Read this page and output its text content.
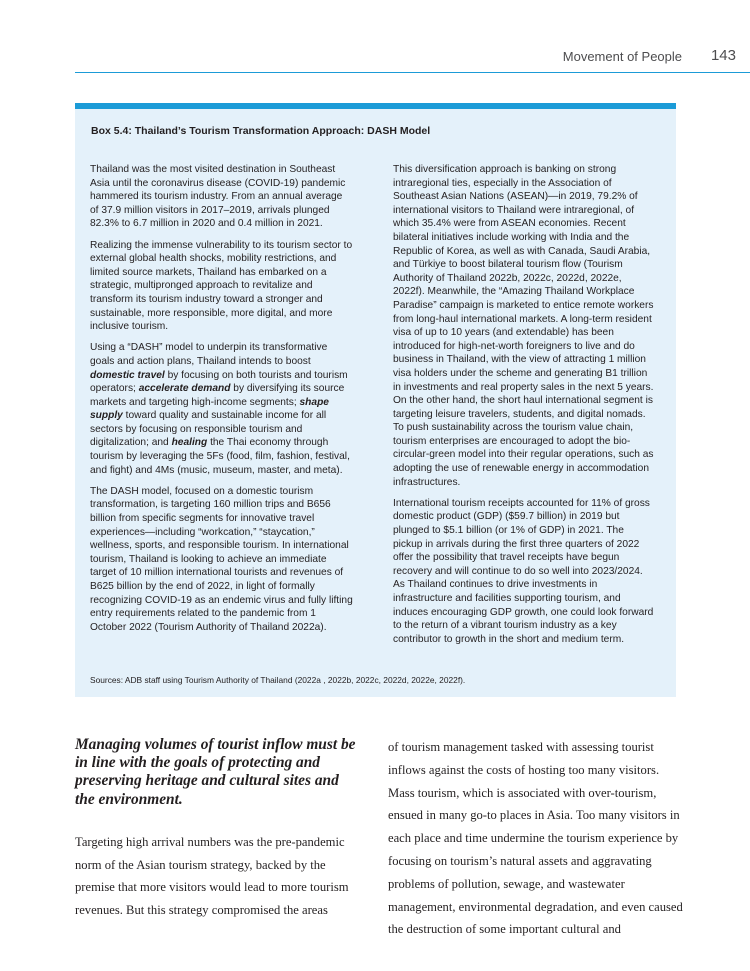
Movement of People 143
Box 5.4: Thailand’s Tourism Transformation Approach: DASH Model

Thailand was the most visited destination in Southeast Asia until the coronavirus disease (COVID-19) pandemic hammered its tourism industry. From an annual average of 37.9 million visitors in 2017–2019, arrivals plunged 82.3% to 6.7 million in 2020 and 0.4 million in 2021.

Realizing the immense vulnerability to its tourism sector to external global health shocks, mobility restrictions, and limited source markets, Thailand has embarked on a strategic, multipronged approach to revitalize and transform its tourism industry toward a stronger and sustainable, more responsible, more digital, and more inclusive tourism.

Using a “DASH” model to underpin its transformative goals and action plans, Thailand intends to boost domestic travel by focusing on both tourists and tourism operators; accelerate demand by diversifying its source markets and targeting high-income segments; shape supply toward quality and sustainable income for all sectors by focusing on responsible tourism and digitalization; and healing the Thai economy through tourism by leveraging the 5Fs (food, film, fashion, festival, and fight) and 4Ms (music, museum, master, and meta).

The DASH model, focused on a domestic tourism transformation, is targeting 160 million trips and B656 billion from specific segments for innovative travel experiences—including “workcation,” “staycation,” wellness, sports, and responsible tourism. In international tourism, Thailand is looking to achieve an immediate target of 10 million international tourists and revenues of B625 billion by the end of 2022, in light of formally recognizing COVID-19 as an endemic virus and fully lifting entry requirements related to the pandemic from 1 October 2022 (Tourism Authority of Thailand 2022a).

This diversification approach is banking on strong intraregional ties, especially in the Association of Southeast Asian Nations (ASEAN)—in 2019, 79.2% of international visitors to Thailand were intraregional, of which 35.4% were from ASEAN economies. Recent bilateral initiatives include working with India and the Republic of Korea, as well as with Canada, Saudi Arabia, and Türkiye to boost bilateral tourism flow (Tourism Authority of Thailand 2022b, 2022c, 2022d, 2022e, 2022f). Meanwhile, the “Amazing Thailand Workplace Paradise” campaign is marketed to entice remote workers from long-haul international markets. A long-term resident visa of up to 10 years (and extendable) has been introduced for high-net-worth foreigners to live and do business in Thailand, with the view of attracting 1 million visa holders under the scheme and generating B1 trillion in investments and real property sales in the next 5 years. On the other hand, the short haul international segment is targeting leisure travelers, students, and digital nomads. To push sustainability across the tourism value chain, tourism enterprises are encouraged to adopt the bio-circular-green model into their regular operations, such as adopting the use of renewable energy in accommodation infrastructures.

International tourism receipts accounted for 11% of gross domestic product (GDP) ($59.7 billion) in 2019 but plunged to $5.1 billion (or 1% of GDP) in 2021. The pickup in arrivals during the first three quarters of 2022 offer the possibility that travel receipts have begun recovery and will continue to do so well into 2023/2024. As Thailand continues to drive investments in infrastructure and facilities supporting tourism, and induces encouraging GDP growth, one could look forward to the return of a vibrant tourism industry as a key contributor to growth in the short and medium term.

Sources: ADB staff using Tourism Authority of Thailand (2022a , 2022b, 2022c, 2022d, 2022e, 2022f).
Managing volumes of tourist inflow must be in line with the goals of protecting and preserving heritage and cultural sites and the environment.

Targeting high arrival numbers was the pre-pandemic norm of the Asian tourism strategy, backed by the premise that more visitors would lead to more tourism revenues. But this strategy compromised the areas

of tourism management tasked with assessing tourist inflows against the costs of hosting too many visitors. Mass tourism, which is associated with over-tourism, ensued in many go-to places in Asia. Too many visitors in each place and time undermine the tourism experience by focusing on tourism’s natural assets and aggravating problems of pollution, sewage, and wastewater management, environmental degradation, and even caused the destruction of some important cultural and
